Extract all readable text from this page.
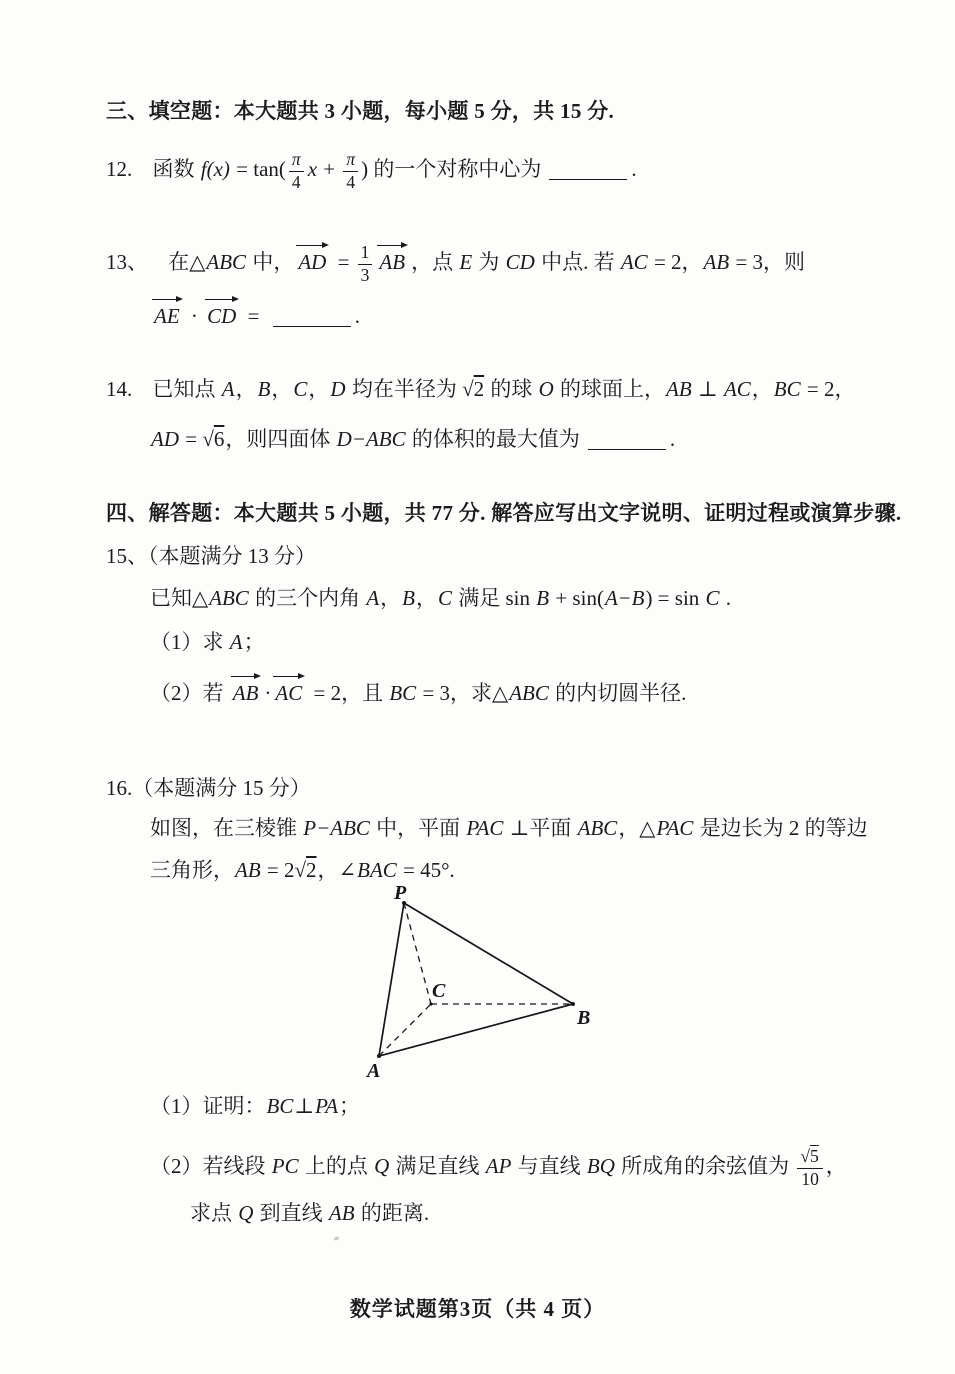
三、填空题：本大题共 3 小题，每小题 5 分，共 15 分.
12. 函数 $f(x) = \tan( \frac{\pi}{4}$ $x + \frac{\pi}{4}$ ) 的一个对称中心为	.
13、 在△ABC 中， AD = $\frac{1}{3}$ AB ，点 E 为 CD 中点. 若 AC = 2，AB = 3，则
AE · CD =	.
14. 已知点 A，B，C，D 均在半径为 √2 的球 O 的球面上，AB ⊥ AC，BC = 2，
AD = √6，则四面体 D−ABC 的体积的最大值为	.
四、解答题：本大题共 5 小题，共 77 分. 解答应写出文字说明、证明过程或演算步骤.
15、（本题满分 13 分）
已知△ABC 的三个内角 A，B，C 满足 sin B + sin(A−B) = sin C .
（1）求 A；
（2）若 AB · AC = 2，且 BC = 3，求△ABC 的内切圆半径.
16.（本题满分 15 分）
如图，在三棱锥 P−ABC 中，平面 PAC ⊥平面 ABC，△PAC 是边长为 2 的等边
三角形，AB = 2√2，∠BAC = 45°.
P
A
B
C
（1）证明：BC⊥PA；
（2）若线段 PC 上的点 Q 满足直线 AP 与直线 BQ 所成角的余弦值为 $\frac{√5}{10}$ ，
求点 Q 到直线 AB 的距离.
数学试题第3页（共 4 页）
